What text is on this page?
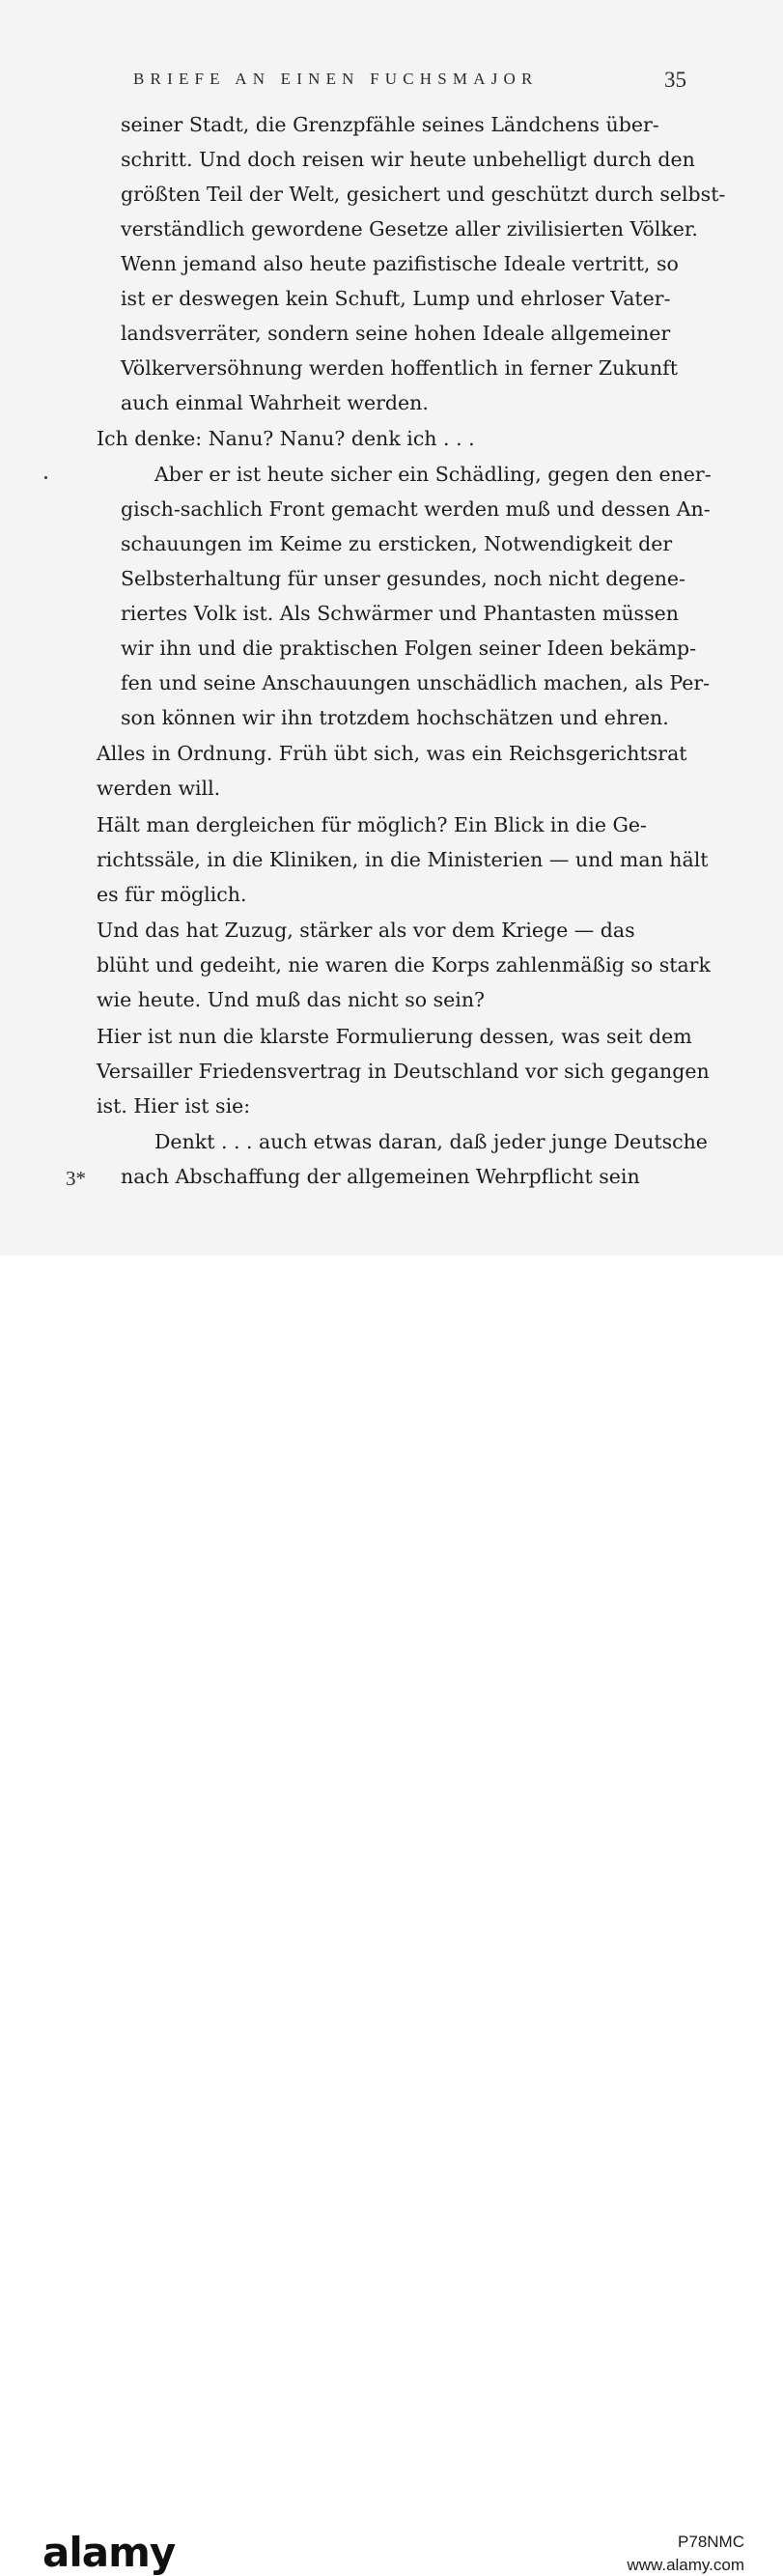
BRIEFE AN EINEN FUCHSMAJOR	35
seiner Stadt, die Grenzpfähle seines Ländchens über-
schritt. Und doch reisen wir heute unbehelligt durch den
größten Teil der Welt, gesichert und geschützt durch selbst-
verständlich gewordene Gesetze aller zivilisierten Völker.
Wenn jemand also heute pazifistische Ideale vertritt, so
ist er deswegen kein Schuft, Lump und ehrloser Vater-
landsverräter, sondern seine hohen Ideale allgemeiner
Völkerversöhnung werden hoffentlich in ferner Zukunft
auch einmal Wahrheit werden.
Ich denke: Nanu? Nanu? denk ich . . .
Aber er ist heute sicher ein Schädling, gegen den ener-
gisch-sachlich Front gemacht werden muß und dessen An-
schauungen im Keime zu ersticken, Notwendigkeit der
Selbsterhaltung für unser gesundes, noch nicht degene-
riertes Volk ist. Als Schwärmer und Phantasten müssen
wir ihn und die praktischen Folgen seiner Ideen bekämp-
fen und seine Anschauungen unschädlich machen, als Per-
son können wir ihn trotzdem hochschätzen und ehren.
Alles in Ordnung. Früh übt sich, was ein Reichsgerichtsrat
werden will.
Hält man dergleichen für möglich? Ein Blick in die Ge-
richtssäle, in die Kliniken, in die Ministerien — und man hält
es für möglich.
Und das hat Zuzug, stärker als vor dem Kriege — das
blüht und gedeiht, nie waren die Korps zahlenmäßig so stark
wie heute. Und muß das nicht so sein?
Hier ist nun die klarste Formulierung dessen, was seit dem
Versailler Friedensvertrag in Deutschland vor sich gegangen
ist. Hier ist sie:
Denkt . . . auch etwas daran, daß jeder junge Deutsche
nach Abschaffung der allgemeinen Wehrpflicht sein
3*
alamy	P78NMC
www.alamy.com
